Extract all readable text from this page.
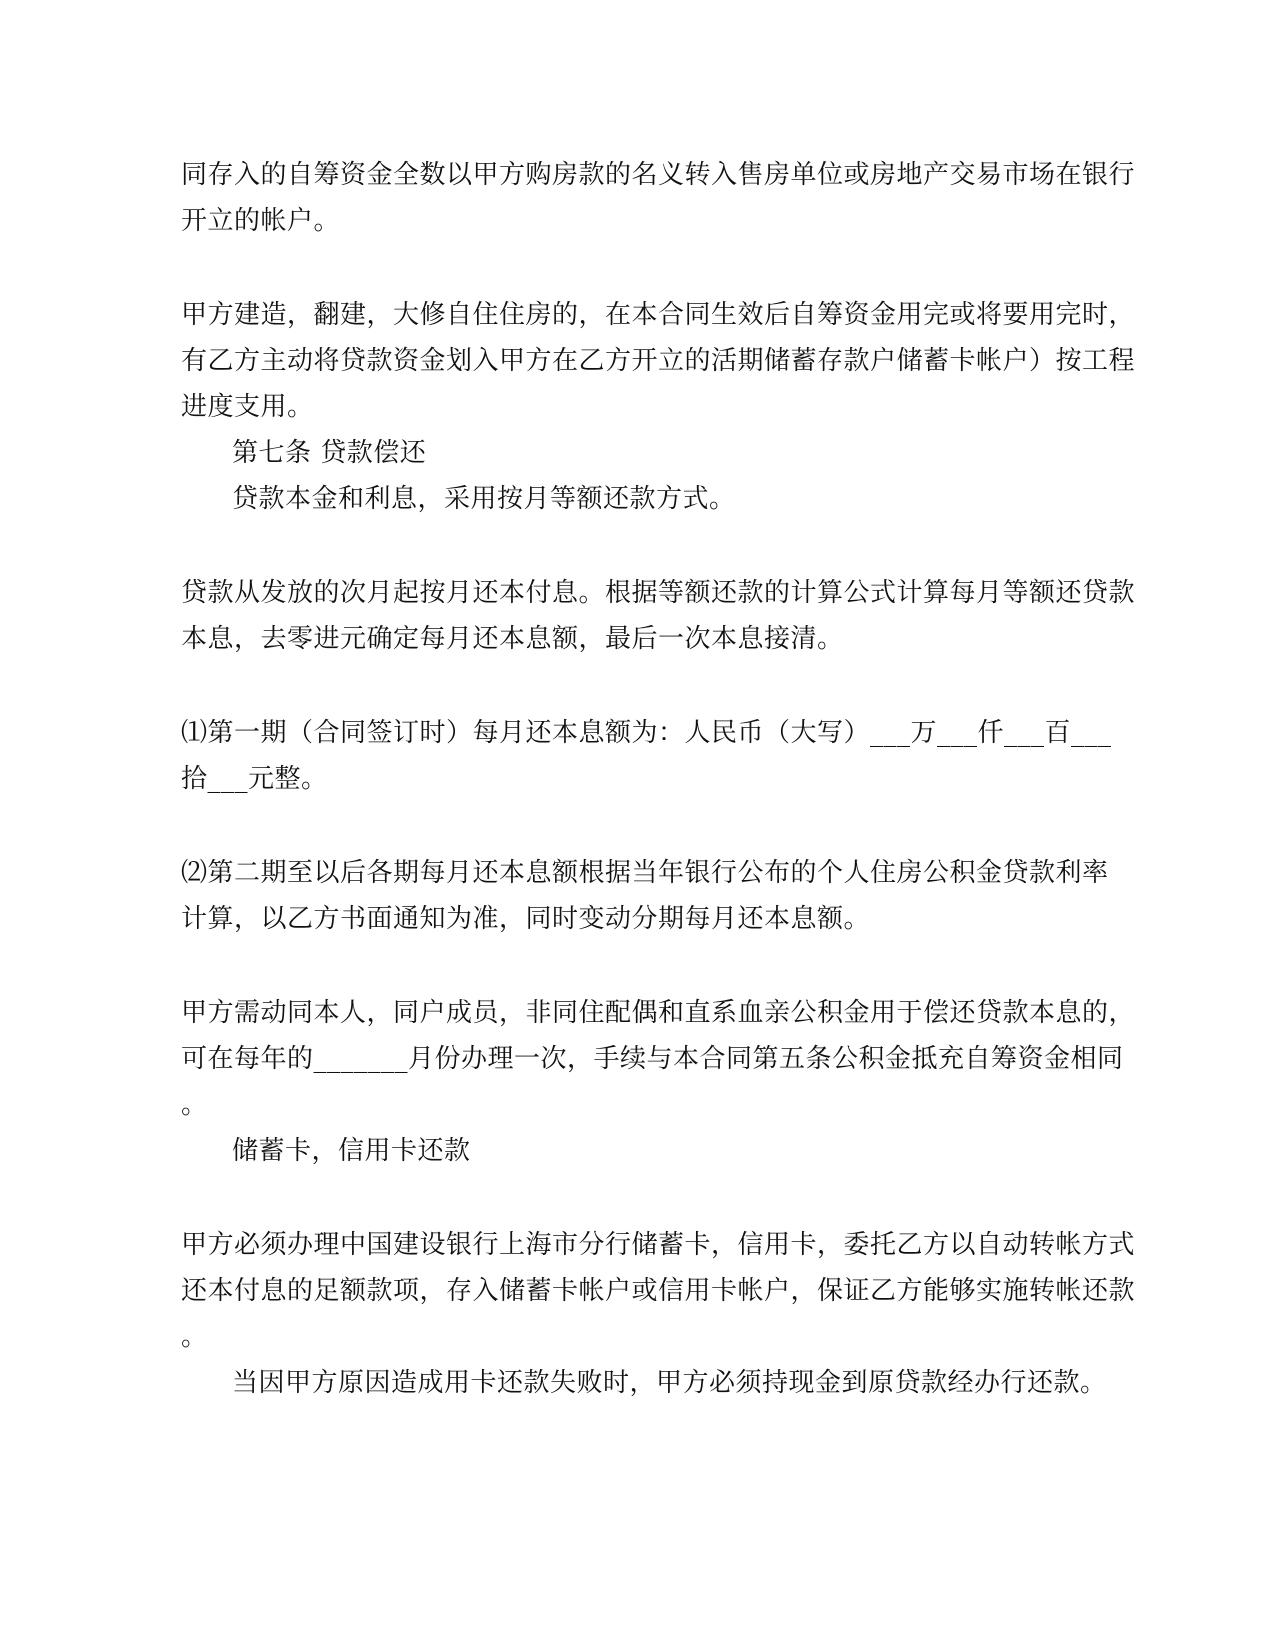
同存入的自筹资金全数以甲方购房款的名义转入售房单位或房地产交易市场在银行
开立的帐户。
甲方建造，翻建，大修自住住房的，在本合同生效后自筹资金用完或将要用完时，
有乙方主动将贷款资金划入甲方在乙方开立的活期储蓄存款户储蓄卡帐户）按工程
进度支用。
第七条 贷款偿还
贷款本金和利息，采用按月等额还款方式。
贷款从发放的次月起按月还本付息。根据等额还款的计算公式计算每月等额还贷款
本息，去零进元确定每月还本息额，最后一次本息接清。
⑴第一期（合同签订时）每月还本息额为：人民币（大写）___万___仟___百___
拾___元整。
⑵第二期至以后各期每月还本息额根据当年银行公布的个人住房公积金贷款利率
计算，以乙方书面通知为准，同时变动分期每月还本息额。
甲方需动同本人，同户成员，非同住配偶和直系血亲公积金用于偿还贷款本息的，
可在每年的_______月份办理一次，手续与本合同第五条公积金抵充自筹资金相同
。
储蓄卡，信用卡还款
甲方必须办理中国建设银行上海市分行储蓄卡，信用卡，委托乙方以自动转帐方式
还本付息的足额款项，存入储蓄卡帐户或信用卡帐户，保证乙方能够实施转帐还款
。
当因甲方原因造成用卡还款失败时，甲方必须持现金到原贷款经办行还款。
